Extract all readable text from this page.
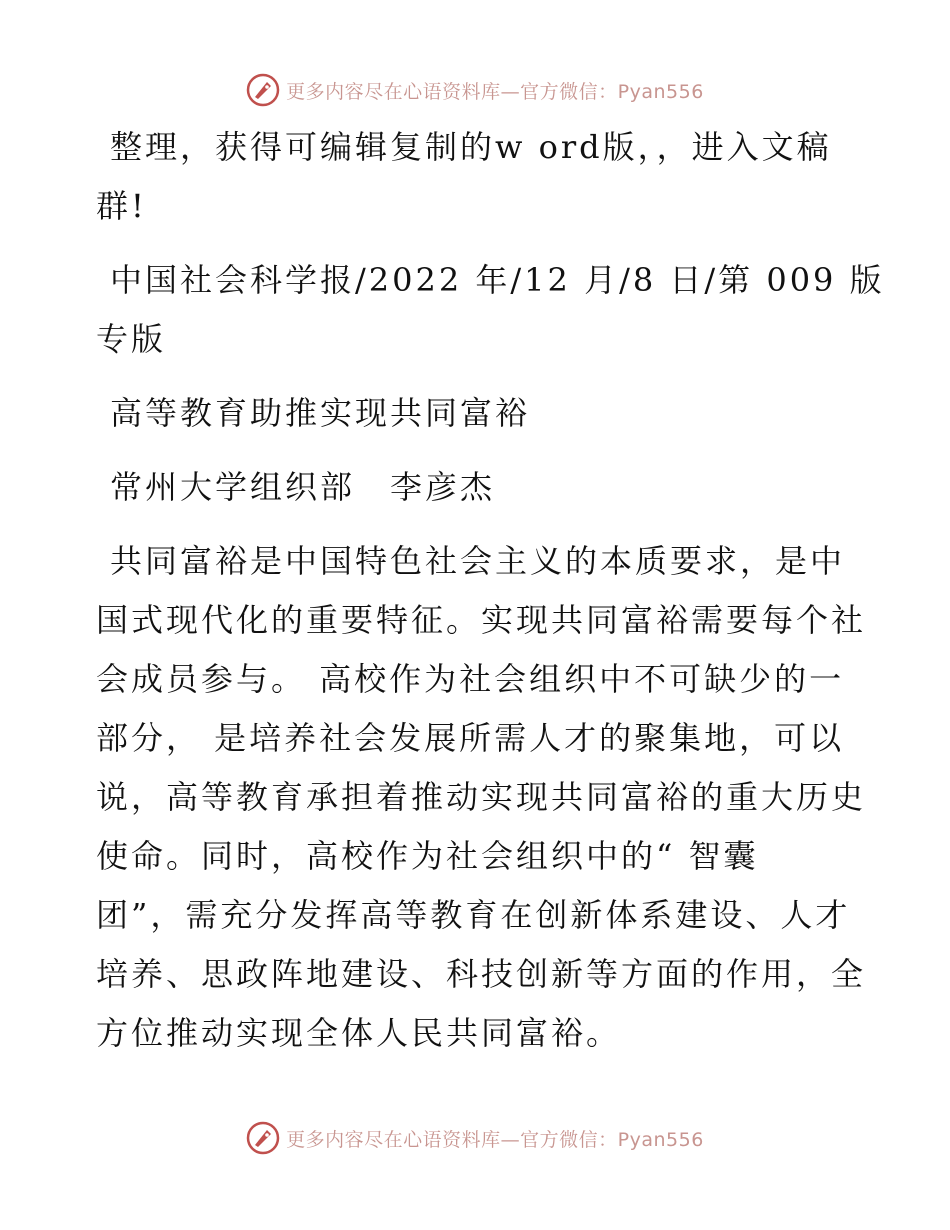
更多内容尽在心语资料库—官方微信：Pyan556
整理，获得可编辑复制的w ord版，，进入文稿
群!
中国社会科学报/2022 年/12 月/8 日/第 009 版
专版
高等教育助推实现共同富裕
常州大学组织部　李彦杰
共同富裕是中国特色社会主义的本质要求，是中
国式现代化的重要特征。实现共同富裕需要每个社
会成员参与。 高校作为社会组织中不可缺少的一
部分， 是培养社会发展所需人才的聚集地，可以
说，高等教育承担着推动实现共同富裕的重大历史
使命。同时，高校作为社会组织中的“ 智囊
团”，需充分发挥高等教育在创新体系建设、人才
培养、思政阵地建设、科技创新等方面的作用，全
方位推动实现全体人民共同富裕。
更多内容尽在心语资料库—官方微信：Pyan556
